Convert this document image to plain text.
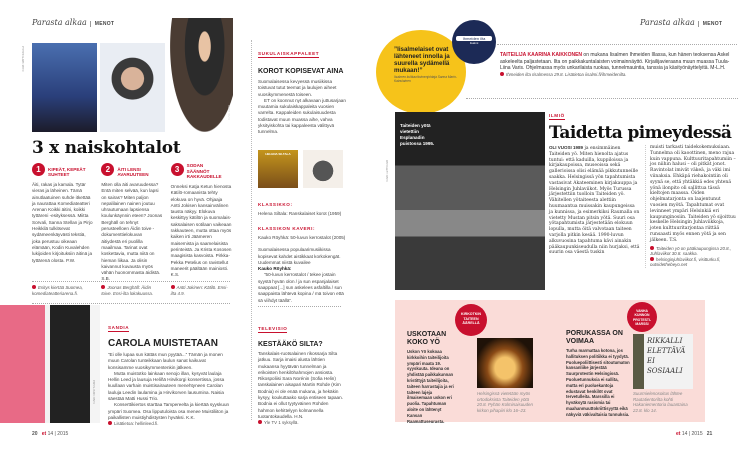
Parasta alkaa MENOT
KUVA: MATTI RAJALA
KUVA: EROS
3 x naiskohtalot
1 KIPEÄT, KEPEÄT SUHTEET
Äiti, rakas ja kamala. Tytär vieras ja läheinen. Tämä ainutlaatuinen suhde itkettää ja naurattaa Komediateatteri Arenan Koikki äitini, koikki tyttäreni -esityksessä. Miitta Sorvali, Sanna Stellan ja Pirjo Heikkilä tulkitsevat sydämeenkäyvästi tekstiä, joka perustuu oikeaan elämään, Kodin Kuvalehden lukijoiden kirjoituksiin äitinä ja tyttärenä olosta. P.W.
2 ÄITI LENSI AVARUUTEEN
Miten olla äiti avaruudessa? Entä miten selvää, kun lapsi on sairas? Miten paljon nepalilainen nainen joutuu uhrautumaan lapsiensa koulunkäynnin eteen? Joonas Berghäll on tehnyt perusteelloen Äidin toive -dokumenttielokuvan äitiydestä eri puolilla maailmaa. Tarinat ovat koskettavia, mutta niitä on hieman liikaa. Ja olisin kaivannut kuvausta myös vähän huonommasta äidistä. S.B.
3 SODAN SÄÄNNÖT RAKKAUDELLE
Onneksi Katja Ketun hienosta Kätilö-romaanista tehty elokuva on hyvä. Ohjaaja Antti Jokisen kansainvälinen tausta näkyy. Elokuva keskittyy kätilön ja suomalais-saksalaisen sotilaan vaikeaan rakkauteen, mutta ottaa myös kaiken irti Jäämeren maisemista ja saamelaisista perinteistä. Ja Krista Kososen maagisista kasvoista. Pirkka-Pekka Petelius on ravistellut maneerit päältään mainiosti. K.S.
Esitys kiertää Suomea, komediateatteriarena.fi.
Joonas Berghäll: Äidin toive. Ensi-ilta lokakuussa.
Antti Jokinen: Kätilö. Ensi-ilta 4.9.
KUVA: KIRSI TUURA
SANDIA
CAROLA MUISTETAAN
”Ei olle lupaa sun kättäs mun pyytää...” Tämän ja monen muun Carolan tunteikkaan laulun sanat kaikuvat konsisamme vuosikymmentenkin jälkeen.
Mutta muistotko lainkaan senojo illan, kysyvät laulaja Hellin Leed ja lausuja Heliñä Hirvikorgi konsertissa, jossa kuullaan varhain muistisairauteen menehtyneen Carolan lauluja Leedin laulamina ja Hirvikorven lausumina. Naisia säestää Matti Hussi Trio.
Konserttikiertos starttaa Tampereelta ja kiertää syyskuun ympäri Suomea. Osa lipputuloista osa menee Muistiliiton ja paikallisten muistiyhdistysten hyväksi. K.K.
Lisätietoa: hellinleed.fi.
SUKULAISKAPPALEET
KOROT KOPISEVAT AINA
Suomalaisessa kevyessä musiikissa toistuvat tutut teemat ja laulujen aiheet vuosikymmenestä toiseen.
ET on koonnut nyt alkavaan juttusarjaan muutamia sukulaiskappaleita vuosien varrelta. Kappaleiden sukulaisuudesta todistavat muun muassa aihe, vahva yksityiskohta tai kappaleesta välittyvä tunnelma.
HELENA SILTALA
KLASSIKKO:
Helena Siltala: Ranskalaiset korot (1959)
KLASSIKON KAVERI:
Kauko Röyhkä: 50-luvun kerrostalot (2005)
Suomalaisessa populaarimusiikissa kopisevat kahdet aistikkaat korkokengät. Uudemmat niistä kuvailee
Kauko Röyhkä:
”50-luvun kerrostalot / tekee jostain syystä hyvän olon / ja sun espanjalaiset saappaat [...] sun askelees asfaltilla / sun saappaista lähtevä kopina / mä toivon että sä viihdyt täällä”.
TELEVISIO
KESTÄÄKÖ SILTA?
Tanskalais-ruotsalainen rikossarja Silta jatkuu. Sarja imaisi alusta lähtien mukaansa hyytävän tunnelman ja erikoisten henkilöhahmojen ansiosta. Rikospoliisi Sara Norénin (Sofia Helin) tanskalainen aisapari Martin Rohde (Kim Bodnia) ei ole enää mukana, ja hekäkin kysyy, koukuttaako sarja entiseen tapaan. Bodnia ei ollut tyytyväinen Rohden hahmon kehittelyyn kolmannella tuotantokaudella. H.N.
Yle TV 1 syksyllä.
20 et 14 | 2015
Parasta alkaa MENOT
”Iisalmelaiset ovat lähteneet innolla ja suurella sydämellä mukaan!”
Iisalmen kulttuuritoimenjohtaja Sanna Marin-Kainulainen
Ihmeiden ilta
Iisalmi
TAITEILIJA KAARINA KAIKKONEN on mukana Iisalmen Ihmeiden Illassa, kun hänen teoksensa Askel askeleelta paljastetaan. Ilta on paikkakuntalaisten voimainnäyttö. Kirjailijavieraana muun muassa Tuula-Liina Varis. Ohjelmassa myös unkarilaista ruokaa, tunnelmauintia, tanssia ja käsityönäyttelyitä. M-L.H.
Ihmeiden ilta Iisalmessa 29.8. Lisätietoa iisalmi.fi/ihmeidenilta.
Taiteiden yötä vietettiin Esplanadin puistossa 1995.
KUVA: LEHTIKUVA
ILMIÖ
Taidetta pimeydessä
OLI VUOSI 1989 ja ensimmäinen Taiteiden yö. Miten hienolta ajatus tuntui: että kaduilla, kuppiloissa ja kirjakaupoissa, museoissa sekä gallerioissa olisi elämää pikkutunneille saakka. Helsingissä yön tapahtumista vastasivat Akateeminen kirjakauppa ja Helsingin Juhlaviikot. Myös Turussa järjestettiin tuolloin Taiteiden yö. Vähitellen yötaiteesta alettiin huumaantua muissakin kaupungeissa ja kunnissa, ja esimerkiksi Raumalla on vietetty Mustan pitsin yötä. Suuri osa yötapahtumista järjestetään elokuun lopulla, mutta öitä valvotaan taiteen varjolla pitkin kesää. 1990-luvun alkuvuosina tapahtuma kävi ainakin pääkaupunkiseudulla niin hurjaksi, että suurin osa väestä tuskin
muisti tarkasti taidekokemuksiaan. Tunnelma oli kaoottinen, meno rajua kuin vappuna. Kulttuuritapahtumiin – jos niihin halusi – oli pitkät jonot. Ravintolat imivät väkeä, ja väki imi viinaksia. Ehkäpä riehakointiin oli syynä se, että yhtäkkiä edes yhtenä yönä ilonpito oli sallittua tässä kieltojen maassa. Öiden ohjelmatarjonta on laajentunut vuosien myötä. Tapahtumat ovat levinneet ympäri Helsinkiä eri kaupunginosiin. Taiteiden yö sijoittuu keskelle Helsingin Juhlaviikkoja, joten kulttuuritarjontaa riittää runsaasti myös ennen yötä ja sen jälkeen. T.S.
Taiteiden yö on pääkaupungissa 20.8., Juhlaviikot 30.8. saakka.
helsinginjuhlaviikot.fi, visitturku.fi, outsidethebeyo.net
KIRKOTKIN TAITEEN ÄÄRELLÄ
USKOTAAN KOKO YÖ
Uskon Yö kokoaa kirkkoihin taiteilijoita ympäri maata 19. syyskuuta. Ideana on yhdistää paikkakunnan kristittyjä taiteilijoita, taiteen harrastajia ja eri taiteen lajeja ilmaisemaan uskon eri puolia. Tapahtuman aloite on lähtenyt Kansan Raamattuseurasta.
Helsingissä vietetään myös ortodoksista Taiteiden yötä 20.8. Pyhän Kolminaisuuden kirkon pihapiiri klo 16–23.
VANHA KUNNON PROTESTI-MARSSI
PORUKASSA ON VOIMAA
Turha marmattaa kotona, jos hallituksen politiikka ei tyydytä. Puoluepoliittisesti sitoutumaton kansanliike järjestää Suurprotestin Helsingissä. Puoluetunnuksia ei sallita, mutta eri puoluekantoja edustavat henkilöt ovat tervetulleita. Marssilla ei hyväksytä rasismia tai maahanmuuttokriittisyyttä eikä näkyviä väkivaltaisia tunnuksia.
RIKKALLI ELETTÄVÄ EI SOSIAALI
Suurmielenosoitus lähtee Rautatientorilta kohti Hakaniementoria lauantaina 22.8. klo 14.
et 14 | 2015 21
